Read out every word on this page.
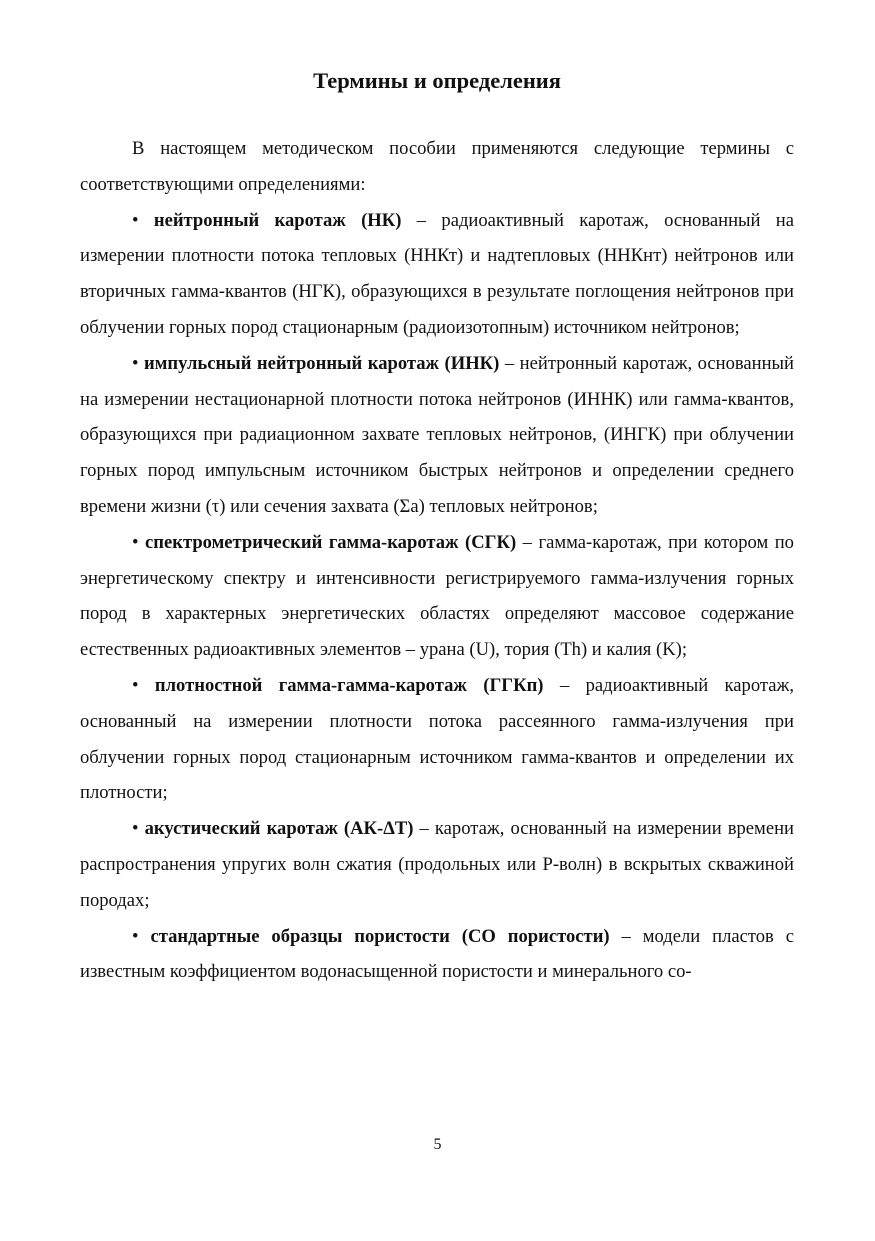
Термины и определения

В настоящем методическом пособии применяются следующие термины с соответствующими определениями:

• нейтронный каротаж (НК) – радиоактивный каротаж, основанный на измерении плотности потока тепловых (ННКт) и надтепловых (ННКнт) нейтронов или вторичных гамма-квантов (НГК), образующихся в результате поглощения нейтронов при облучении горных пород стационарным (радиоизотопным) источником нейтронов;

• импульсный нейтронный каротаж (ИНК) – нейтронный каротаж, основанный на измерении нестационарной плотности потока нейтронов (ИННК) или гамма-квантов, образующихся при радиационном захвате тепловых нейтронов, (ИНГК) при облучении горных пород импульсным источником быстрых нейтронов и определении среднего времени жизни (τ) или сечения захвата (Σа) тепловых нейтронов;

• спектрометрический гамма-каротаж (СГК) – гамма-каротаж, при котором по энергетическому спектру и интенсивности регистрируемого гамма-излучения горных пород в характерных энергетических областях определяют массовое содержание естественных радиоактивных элементов – урана (U), тория (Th) и калия (K);

• плотностной гамма-гамма-каротаж (ГГКп) – радиоактивный каротаж, основанный на измерении плотности потока рассеянного гамма-излучения при облучении горных пород стационарным источником гамма-квантов и определении их плотности;

• акустический каротаж (АК-ΔТ) – каротаж, основанный на измерении времени распространения упругих волн сжатия (продольных или Р-волн) в вскрытых скважиной породах;

• стандартные образцы пористости (СО пористости) – модели пластов с известным коэффициентом водонасыщенной пористости и минерального со-

5
